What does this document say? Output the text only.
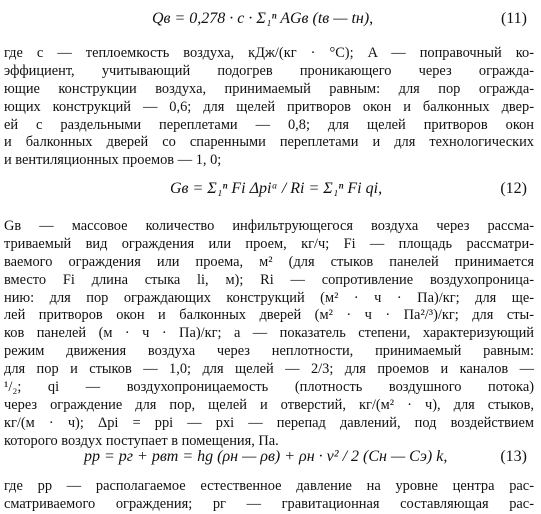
Qв = 0,278 · c · Σ₁ⁿ AGв (tв — tн),	(11)
где c — теплоемкость воздуха, кДж/(кг · °С); A — поправочный ко-
эффициент, учитывающий подогрев проникающего через огражда-
ющие конструкции воздуха, принимаемый равным: для пор огражда-
ющих конструкций — 0,6; для щелей притворов окон и балконных двер-
ей с раздельными переплетами — 0,8; для щелей притворов окон
и балконных дверей со спаренными переплетами и для технологических
и вентиляционных проемов — 1, 0;
Gв = Σ₁ⁿ Fi Δpiᵃ / Ri = Σ₁ⁿ Fi qi,	(12)
Gв — массовое количество инфильтрующегося воздуха через рассма-
триваемый вид ограждения или проем, кг/ч; Fi — площадь рассматри-
ваемого ограждения или проема, м² (для стыков панелей принимается
вместо Fi длина стыка li, м); Ri — сопротивление воздухопроница-
нию: для пор ограждающих конструкций (м² · ч · Па)/кг; для ще-
лей притворов окон и балконных дверей (м² · ч · Па²/³)/кг; для сты-
ков панелей (м · ч · Па)/кг; a — показатель степени, характеризующий
режим движения воздуха через неплотности, принимаемый равным:
для пор и стыков — 1,0; для щелей — 2/3; для проемов и каналов —
¹/₂; qi — воздухопроницаемость (плотность воздушного потока)
через ограждение для пор, щелей и отверстий, кг/(м² · ч), для стыков,
кг/(м · ч); Δpi = ppi — pxi — перепад давлений, под воздействием
которого воздух поступает в помещения, Па.
pр = pг + pвт = hg (ρн — ρв) + ρн · v² / 2 (Cн — Cэ) k,	(13)
где pр — располагаемое естественное давление на уровне центра рас-
сматриваемого ограждения; pг — гравитационная составляющая рас-
